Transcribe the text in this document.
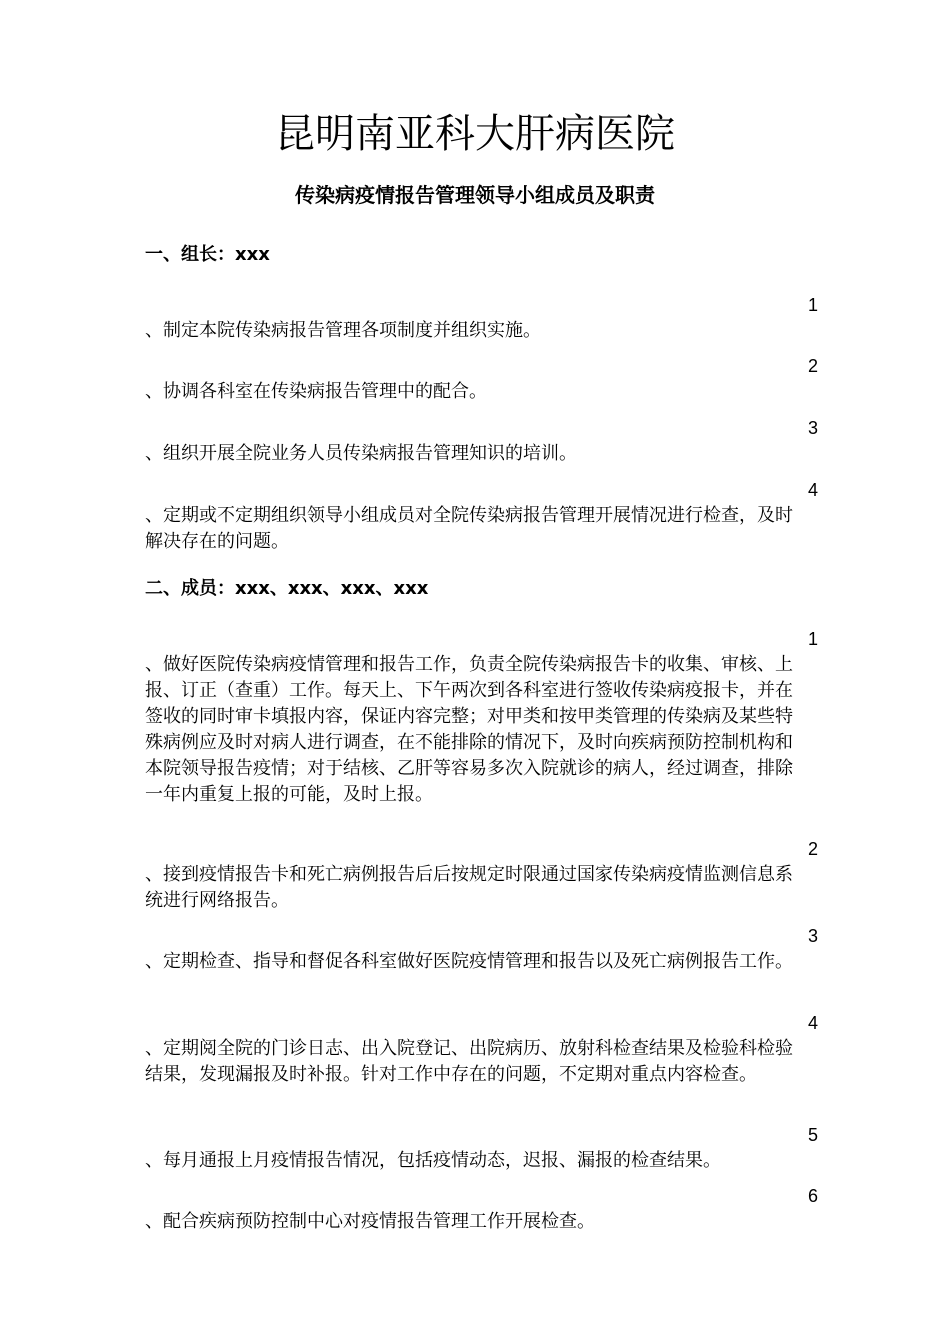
昆明南亚科大肝病医院
传染病疫情报告管理领导小组成员及职责
一、组长：xxx
1

、制定本院传染病报告管理各项制度并组织实施。

2

、协调各科室在传染病报告管理中的配合。

3

、组织开展全院业务人员传染病报告管理知识的培训。

4

、定期或不定期组织领导小组成员对全院传染病报告管理开展情况进行检查，及时解决存在的问题。

二、成员：xxx、xxx、xxx、xxx
1

、做好医院传染病疫情管理和报告工作，负责全院传染病报告卡的收集、审核、上报、订正（查重）工作。每天上、下午两次到各科室进行签收传染病疫报卡，并在签收的同时审卡填报内容，保证内容完整；对甲类和按甲类管理的传染病及某些特殊病例应及时对病人进行调查，在不能排除的情况下，及时向疾病预防控制机构和本院领导报告疫情；对于结核、乙肝等容易多次入院就诊的病人，经过调查，排除一年内重复上报的可能，及时上报。

2

、接到疫情报告卡和死亡病例报告后后按规定时限通过国家传染病疫情监测信息系统进行网络报告。

3

、定期检查、指导和督促各科室做好医院疫情管理和报告以及死亡病例报告工作。

4

、定期阅全院的门诊日志、出入院登记、出院病历、放射科检查结果及检验科检验结果，发现漏报及时补报。针对工作中存在的问题，不定期对重点内容检查。

5

、每月通报上月疫情报告情况，包括疫情动态，迟报、漏报的检查结果。

6

、配合疾病预防控制中心对疫情报告管理工作开展检查。
